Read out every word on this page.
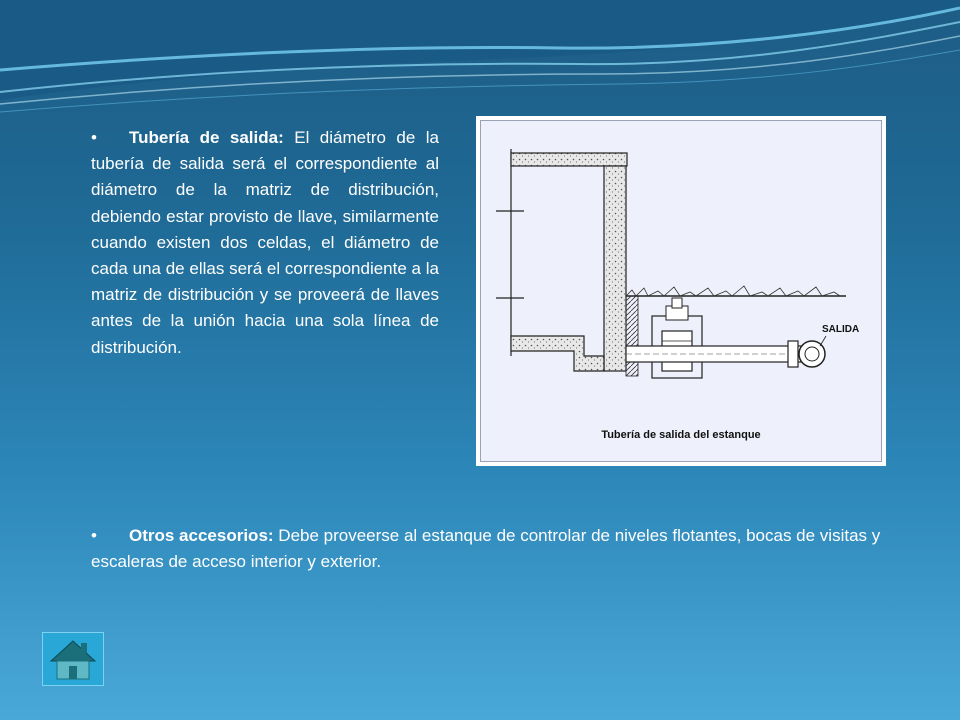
• Tubería de salida: El diámetro de la tubería de salida será el correspondiente al diámetro de la matriz de distribución, debiendo estar provisto de llave, similarmente cuando existen dos celdas, el diámetro de cada una de ellas será el correspondiente a la matriz de distribución y se proveerá de llaves antes de la unión hacia una sola línea de distribución.
SALIDA
Tubería de salida del estanque
• Otros accesorios: Debe proveerse al estanque de controlar de niveles flotantes, bocas de visitas y escaleras de acceso interior y exterior.
